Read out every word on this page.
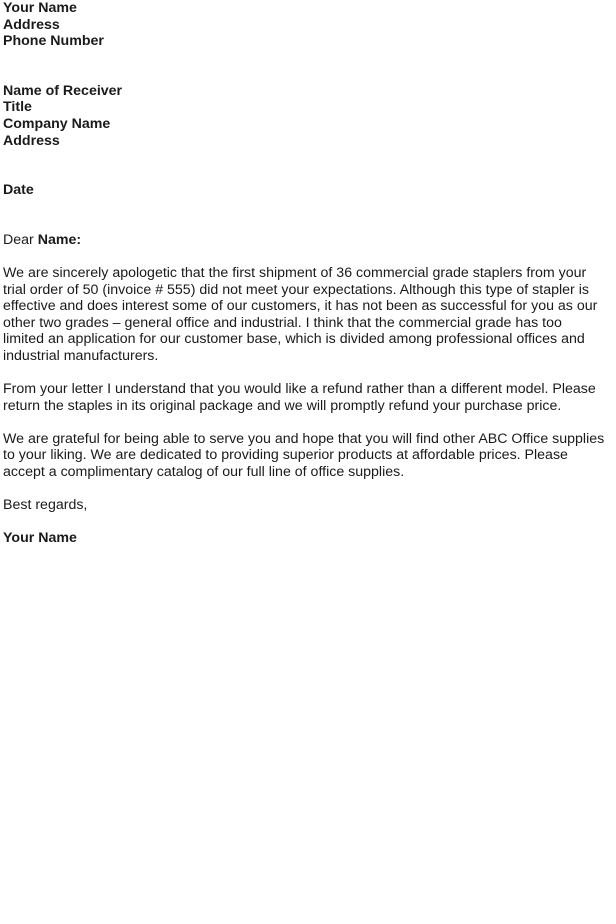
Your Name
Address
Phone Number
Name of Receiver
Title
Company Name
Address
Date
Dear Name:
We are sincerely apologetic that the first shipment of 36 commercial grade staplers from your
trial order of 50 (invoice # 555) did not meet your expectations. Although this type of stapler is
effective and does interest some of our customers, it has not been as successful for you as our
other two grades – general office and industrial. I think that the commercial grade has too
limited an application for our customer base, which is divided among professional offices and
industrial manufacturers.
From your letter I understand that you would like a refund rather than a different model. Please
return the staples in its original package and we will promptly refund your purchase price.
We are grateful for being able to serve you and hope that you will find other ABC Office supplies
to your liking. We are dedicated to providing superior products at affordable prices. Please
accept a complimentary catalog of our full line of office supplies.
Best regards,
Your Name
